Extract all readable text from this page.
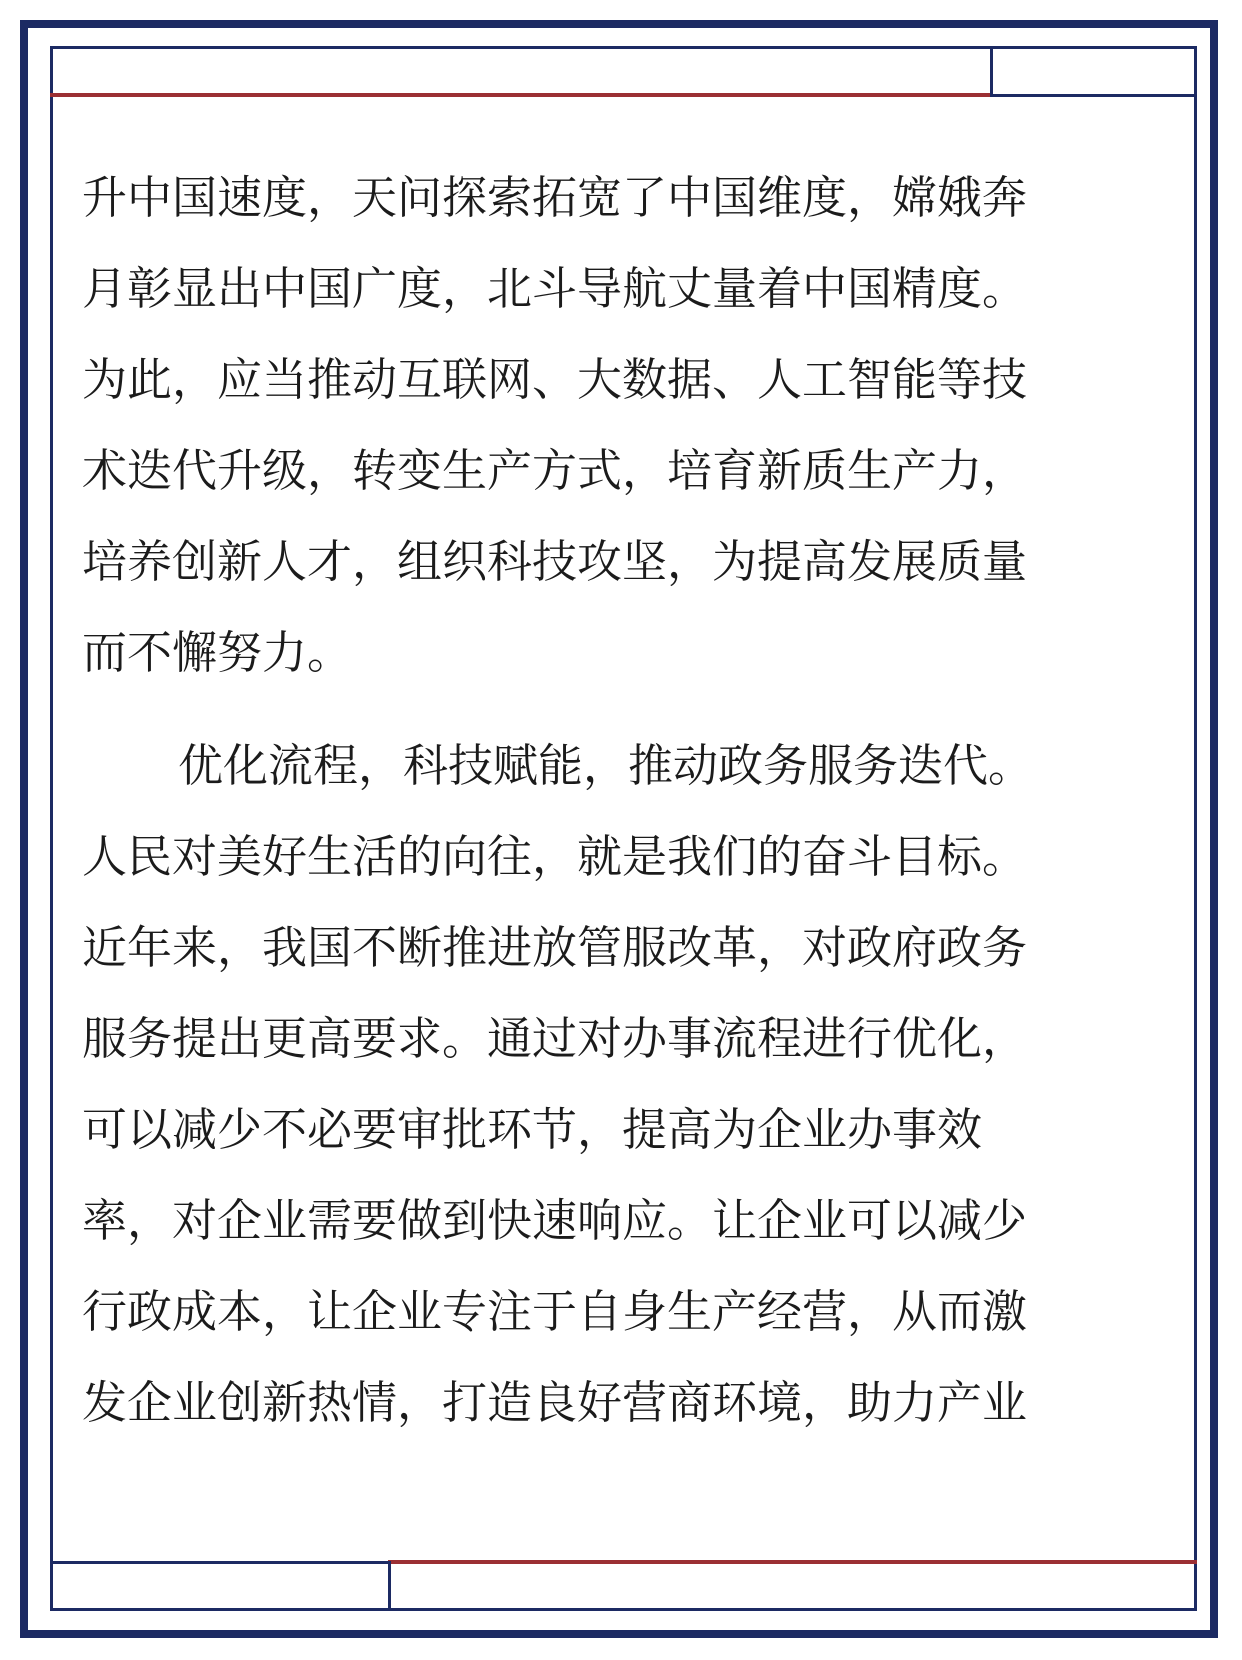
升中国速度，天问探索拓宽了中国维度，嫦娥奔
月彰显出中国广度，北斗导航丈量着中国精度。
为此，应当推动互联网、大数据、人工智能等技
术迭代升级，转变生产方式，培育新质生产力，
培养创新人才，组织科技攻坚，为提高发展质量
而不懈努力。
优化流程，科技赋能，推动政务服务迭代。
人民对美好生活的向往，就是我们的奋斗目标。
近年来，我国不断推进放管服改革，对政府政务
服务提出更高要求。通过对办事流程进行优化，
可以减少不必要审批环节，提高为企业办事效
率，对企业需要做到快速响应。让企业可以减少
行政成本，让企业专注于自身生产经营，从而激
发企业创新热情，打造良好营商环境，助力产业
